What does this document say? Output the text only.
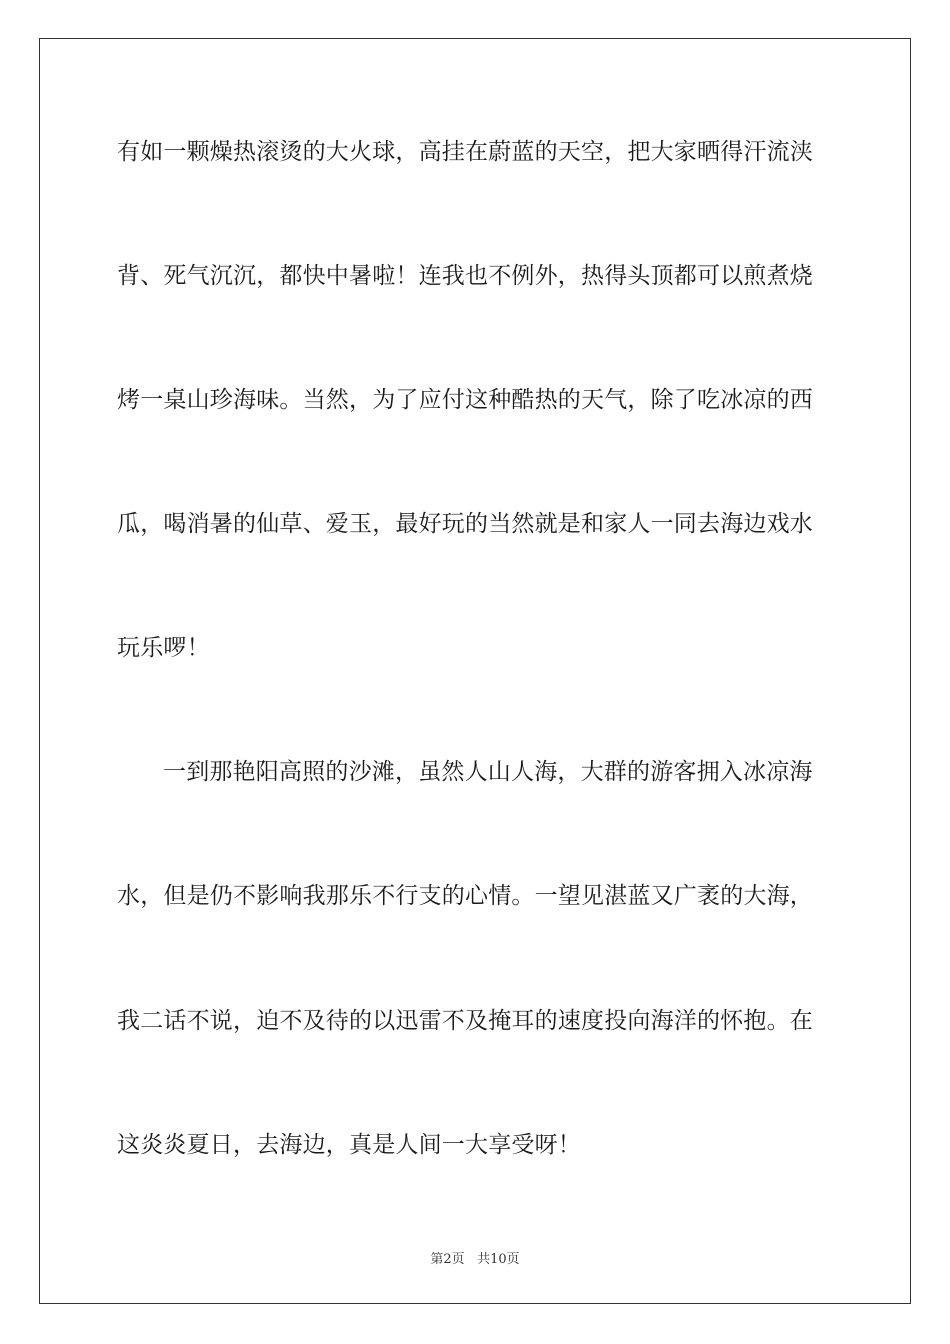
有如一颗燥热滚烫的大火球，高挂在蔚蓝的天空，把大家晒得汗流浃
背、死气沉沉，都快中暑啦！连我也不例外，热得头顶都可以煎煮烧
烤一桌山珍海味。当然，为了应付这种酷热的天气，除了吃冰凉的西
瓜，喝消暑的仙草、爱玉，最好玩的当然就是和家人一同去海边戏水
玩乐啰！
一到那艳阳高照的沙滩，虽然人山人海，大群的游客拥入冰凉海
水，但是仍不影响我那乐不行支的心情。一望见湛蓝又广袤的大海，
我二话不说，迫不及待的以迅雷不及掩耳的速度投向海洋的怀抱。在
这炎炎夏日，去海边，真是人间一大享受呀！
第2页 共10页
